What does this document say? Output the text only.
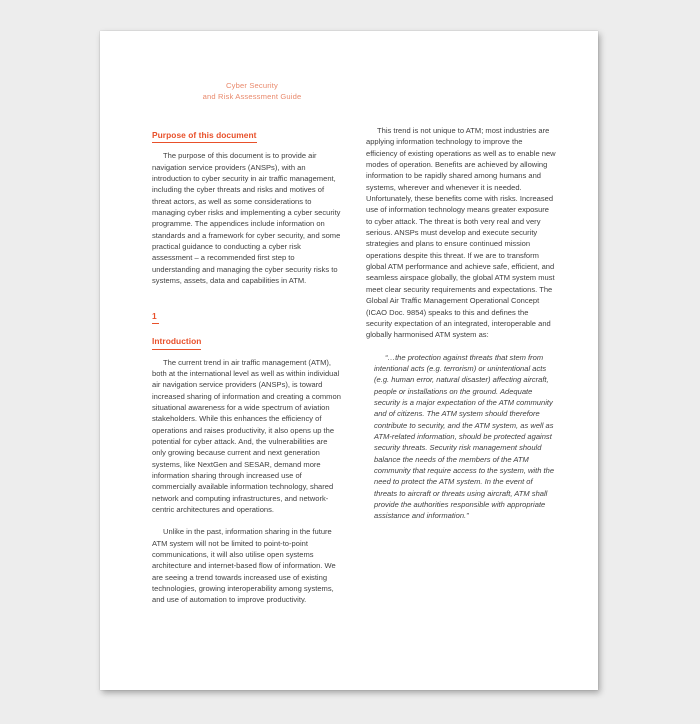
Cyber Security
and Risk Assessment Guide
Purpose of this document

The purpose of this document is to provide air navigation service providers (ANSPs), with an introduction to cyber security in air traffic management, including the cyber threats and risks and motives of threat actors, as well as some considerations to managing cyber risks and implementing a cyber security programme. The appendices include information on standards and a framework for cyber security, and some practical guidance to conducting a cyber risk assessment – a recommended first step to understanding and managing the cyber security risks to systems, assets, data and capabilities in ATM.

1
Introduction

The current trend in air traffic management (ATM), both at the international level as well as within individual air navigation service providers (ANSPs), is toward increased sharing of information and creating a common situational awareness for a wide spectrum of aviation stakeholders. While this enhances the efficiency of operations and raises productivity, it also opens up the potential for cyber attack. And, the vulnerabilities are only growing because current and next generation systems, like NextGen and SESAR, demand more information sharing through increased use of commercially available information technology, shared network and computing infrastructures, and network-centric architectures and operations.

Unlike in the past, information sharing in the future ATM system will not be limited to point-to-point communications, it will also utilise open systems architecture and internet-based flow of information. We are seeing a trend towards increased use of existing technologies, growing interoperability among systems, and use of automation to improve productivity.

This trend is not unique to ATM; most industries are applying information technology to improve the efficiency of existing operations as well as to enable new modes of operation. Benefits are achieved by allowing information to be rapidly shared among humans and systems, wherever and whenever it is needed. Unfortunately, these benefits come with risks. Increased use of information technology means greater exposure to cyber attack. The threat is both very real and very serious. ANSPs must develop and execute security strategies and plans to ensure continued mission operations despite this threat. If we are to transform global ATM performance and achieve safe, efficient, and seamless airspace globally, the global ATM system must meet clear security requirements and expectations. The Global Air Traffic Management Operational Concept (ICAO Doc. 9854) speaks to this and defines the security expectation of an integrated, interoperable and globally harmonised ATM system as:

“…the protection against threats that stem from intentional acts (e.g. terrorism) or unintentional acts (e.g. human error, natural disaster) affecting aircraft, people or installations on the ground. Adequate security is a major expectation of the ATM community and of citizens. The ATM system should therefore contribute to security, and the ATM system, as well as ATM-related information, should be protected against security threats. Security risk management should balance the needs of the members of the ATM community that require access to the system, with the need to protect the ATM system. In the event of threats to aircraft or threats using aircraft, ATM shall provide the authorities responsible with appropriate assistance and information.”
